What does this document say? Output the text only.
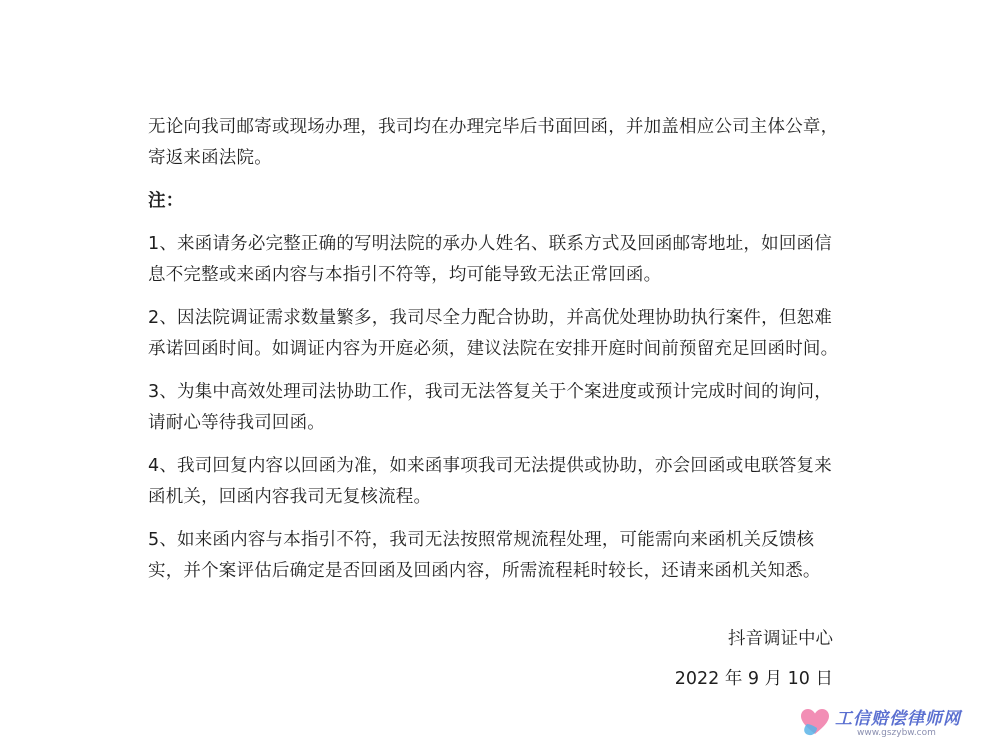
无论向我司邮寄或现场办理，我司均在办理完毕后书面回函，并加盖相应公司主体公章，寄返来函法院。

注：

1、来函请务必完整正确的写明法院的承办人姓名、联系方式及回函邮寄地址，如回函信息不完整或来函内容与本指引不符等，均可能导致无法正常回函。

2、因法院调证需求数量繁多，我司尽全力配合协助，并高优处理协助执行案件，但恕难承诺回函时间。如调证内容为开庭必须，建议法院在安排开庭时间前预留充足回函时间。

3、为集中高效处理司法协助工作，我司无法答复关于个案进度或预计完成时间的询问，请耐心等待我司回函。

4、我司回复内容以回函为准，如来函事项我司无法提供或协助，亦会回函或电联答复来函机关，回函内容我司无复核流程。

5、如来函内容与本指引不符，我司无法按照常规流程处理，可能需向来函机关反馈核实，并个案评估后确定是否回函及回函内容，所需流程耗时较长，还请来函机关知悉。

抖音调证中心
2022 年 9 月 10 日
工信赔偿律师网
www.gszybw.com
